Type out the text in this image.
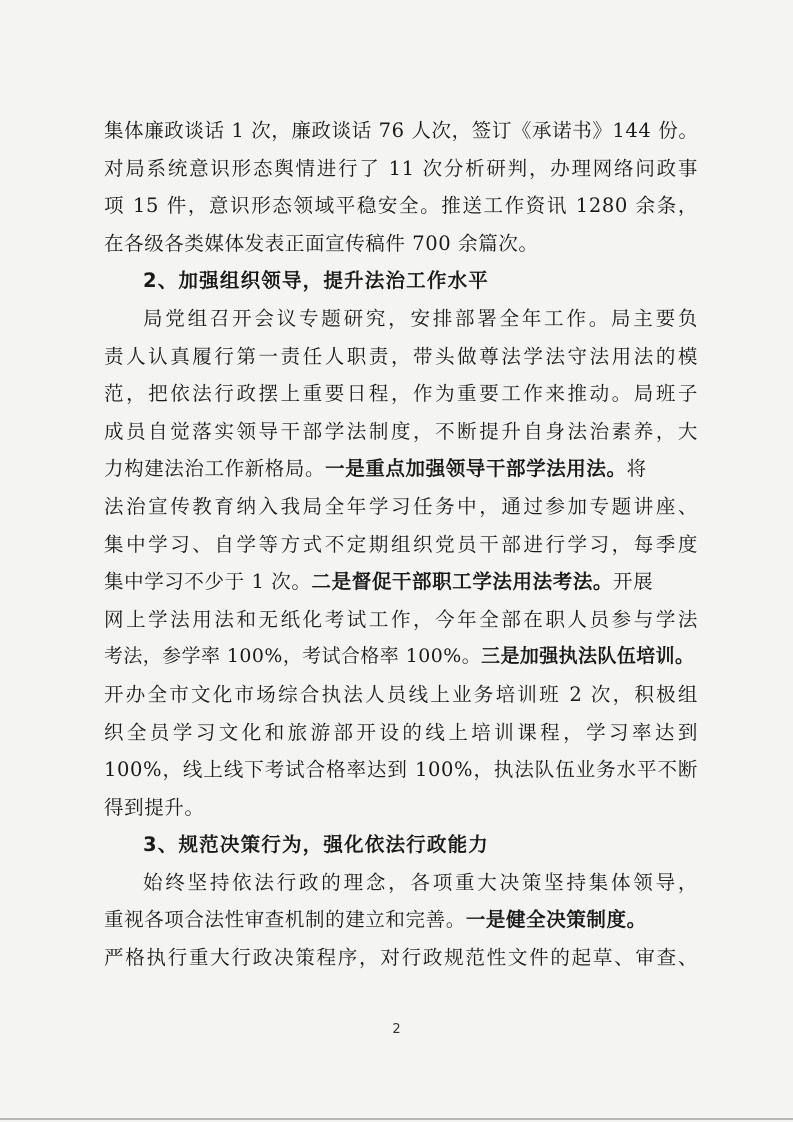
集体廉政谈话 1 次，廉政谈话 76 人次，签订《承诺书》144 份。
对局系统意识形态舆情进行了 11 次分析研判，办理网络问政事
项 15 件，意识形态领域平稳安全。推送工作资讯 1280 余条，
在各级各类媒体发表正面宣传稿件 700 余篇次。
2、加强组织领导，提升法治工作水平
局党组召开会议专题研究，安排部署全年工作。局主要负
责人认真履行第一责任人职责，带头做尊法学法守法用法的模
范，把依法行政摆上重要日程，作为重要工作来推动。局班子
成员自觉落实领导干部学法制度，不断提升自身法治素养，大
力构建法治工作新格局。一是重点加强领导干部学法用法。将
法治宣传教育纳入我局全年学习任务中，通过参加专题讲座、
集中学习、自学等方式不定期组织党员干部进行学习，每季度
集中学习不少于 1 次。二是督促干部职工学法用法考法。开展
网上学法用法和无纸化考试工作，今年全部在职人员参与学法
考法，参学率 100%，考试合格率 100%。三是加强执法队伍培训。
开办全市文化市场综合执法人员线上业务培训班 2 次，积极组
织全员学习文化和旅游部开设的线上培训课程，学习率达到
100%，线上线下考试合格率达到 100%，执法队伍业务水平不断
得到提升。
3、规范决策行为，强化依法行政能力
始终坚持依法行政的理念，各项重大决策坚持集体领导，
重视各项合法性审查机制的建立和完善。一是健全决策制度。
严格执行重大行政决策程序，对行政规范性文件的起草、审查、
2
